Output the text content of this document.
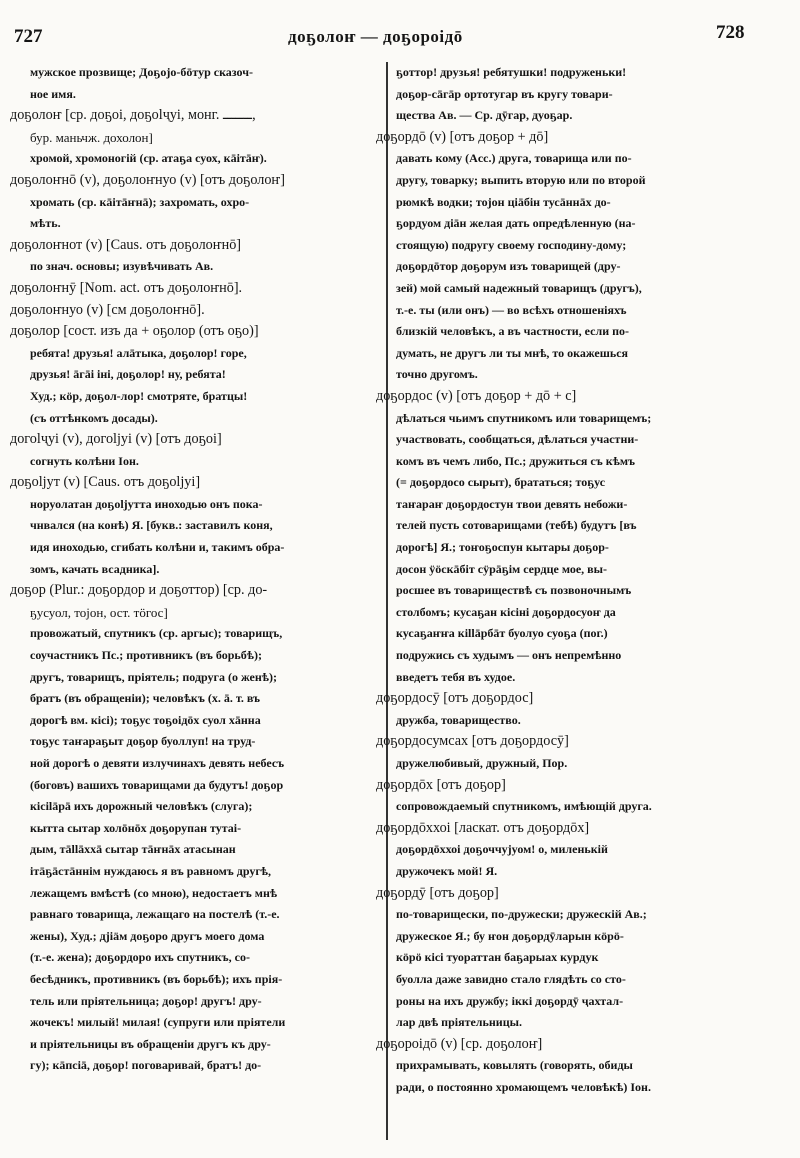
727	доҕолоҥ — доҕороідō	728
мужское прозвище; Доҕојо-бōтур сказоч-
ное имя.
доҕолоҥ [ср. доҕоі, доҕоlҷуі, монг. ـــــــ,
бур. маньчж. дохолон]
хромой, хромоногій (ср. атаҕа суох, кāітāҥ).
доҕолоҥнō (v), доҕолоҥнуо (v) [отъ доҕолоҥ]
хромать (ср. кāітāҥнā); захромать, охро-
мѣть.
доҕолоҥнот (v) [Caus. отъ доҕолоҥнō]
по знач. основы; изувѣчивать Ав.
доҕолоҥнӯ [Nom. act. отъ доҕолоҥнō].
доҕолоҥнуо (v) [см доҕолоҥнō].
доҕолор [сост. изъ да + оҕолор (отъ оҕо)]
ребята! друзья! алāтыка, доҕолор! горе,
друзья! āгāі іні, доҕолор! ну, ребята!
Худ.; кӧр, доҕол-лор! смотряте, братцы!
(съ оттѣнкомъ досады).
догоlҷуі (v), догоlјуі (v) [отъ доҕоі]
согнуть колѣни Іон.
доҕоlјут (v) [Caus. отъ доҕоlјуі]
норуолатан доҕоlјутта иноходью онъ пока-
чнвался (на конѣ) Я. [букв.: заставилъ коня,
идя иноходью, сгибать колѣни и, такимъ обра-
зомъ, качать всадника].
доҕор (Plur.: доҕордор и доҕоттор) [ср. до-
ҕусуол, тојон, ост. тӧгос]
провожатый, спутникъ (ср. аргыс); товарищъ,
соучастникъ Пс.; противникъ (въ борьбѣ);
другъ, товарищъ, пріятель; подруга (о женѣ);
братъ (въ обращеніи); человѣкъ (х. ā. т. въ
дорогѣ вм. кісі); тоҕус тоҕоідōх суол хāнна
тоҕус таҥараҕыт доҕор буоллуп! на труд-
ной дорогѣ о девяти излучинахъ девять небесъ
(боговъ) вашихъ товарищами да будутъ! доҕор
кісіlāрā ихъ дорожный человѣкъ (слуга);
кытта сытар холōнōх доҕорупан тутаі-
дым, тāllāххā сытар тāҥнāх атасынан
ітāҕāстāннім нуждаюсь я въ равномъ другѣ,
лежащемъ вмѣстѣ (со мною), недостаетъ мнѣ
равнаго товарища, лежащаго на постелѣ (т.-е.
жены), Худ.; дјіӓм доҕоро другъ моего дома
(т.-е. жена); доҕордоро ихъ спутникъ, со-
бесѣдникъ, противникъ (въ борьбѣ); ихъ прія-
тель или пріятельница; доҕор! другъ! дру-
жочекъ! милый! милая! (супруги или пріятели
и пріятельницы въ обращеніи другъ къ дру-
гу); кāпсіā, доҕор! поговаривай, братъ! до-
ҕоттор! друзья! ребятушки! подруженьки!
доҕор-сāгāр ортотугар въ кругу товари-
щества Ав. — Ср. дӯгар, дуоҕар.
доҕордō (v) [отъ доҕор + дō]
давать кому (Acc.) друга, товарища или по-
другу, товарку; выпить вторую или по второй
рюмкѣ водки; тојон ціāбін тусāннāх до-
ҕордуом діāн желая дать опредѣленную (на-
стоящую) подругу своему господину-дому;
доҕордōтор доҕорум изъ товарищей (дру-
зей) мой самый надежный товарищъ (другъ),
т.-е. ты (или онъ) — во всѣхъ отношеніяхъ
близкій человѣкъ, а въ частности, если по-
думать, не другъ ли ты мнѣ, то окажешься
точно другомъ.
доҕордос (v) [отъ доҕор + дō + с]
дѣлаться чьимъ спутникомъ или товарищемъ;
участвовать, сообщаться, дѣлаться участни-
комъ въ чемъ либо, Пс.; дружиться съ кѣмъ
(= доҕордосо сырыт), брататься; тоҕус
таҥараҥ доҕордостун твои девять небожи-
телей пусть сотоварищами (тебѣ) будутъ [въ
дорогѣ] Я.; тоҥоҕоспун кытары доҕор-
досон ӱӧскāбіт сӱрāҕім сердце мое, вы-
росшее въ товариществѣ съ позвоночнымъ
столбомъ; кусаҕан кісіні доҕордосуоҥ да
кусаҕаҥҥа кіllāрбāт буолуо суоҕа (пог.)
подружись съ худымъ — онъ непремѣнно
введетъ тебя въ худое.
доҕордосӯ [отъ доҕордос]
дружба, товарищество.
доҕордосумсах [отъ доҕордосӯ]
дружелюбивый, дружный, Пор.
доҕордōх [отъ доҕор]
сопровождаемый спутникомъ, имѣющій друга.
доҕордōххоі [ласкат. отъ доҕордōх]
доҕордōххоі доҕоччујуом! о, миленькій
дружочекъ мой! Я.
доҕордӯ [отъ доҕор]
по-товарищески, по-дружески; дружескій Ав.;
дружеское Я.; бу ҥон доҕордӯларын кӧрӧ-
кӧрӧ кісі туораттан баҕарыах курдук
буолла даже завидно стало глядѣть со сто-
роны на ихъ дружбу; іккі доҕордӯ ҷахтал-
лар двѣ пріятельницы.
доҕороідō (v) [ср. доҕолоҥ]
прихрамывать, ковылять (говорять, обиды
ради, о постоянно хромающемъ человѣкѣ) Іон.
